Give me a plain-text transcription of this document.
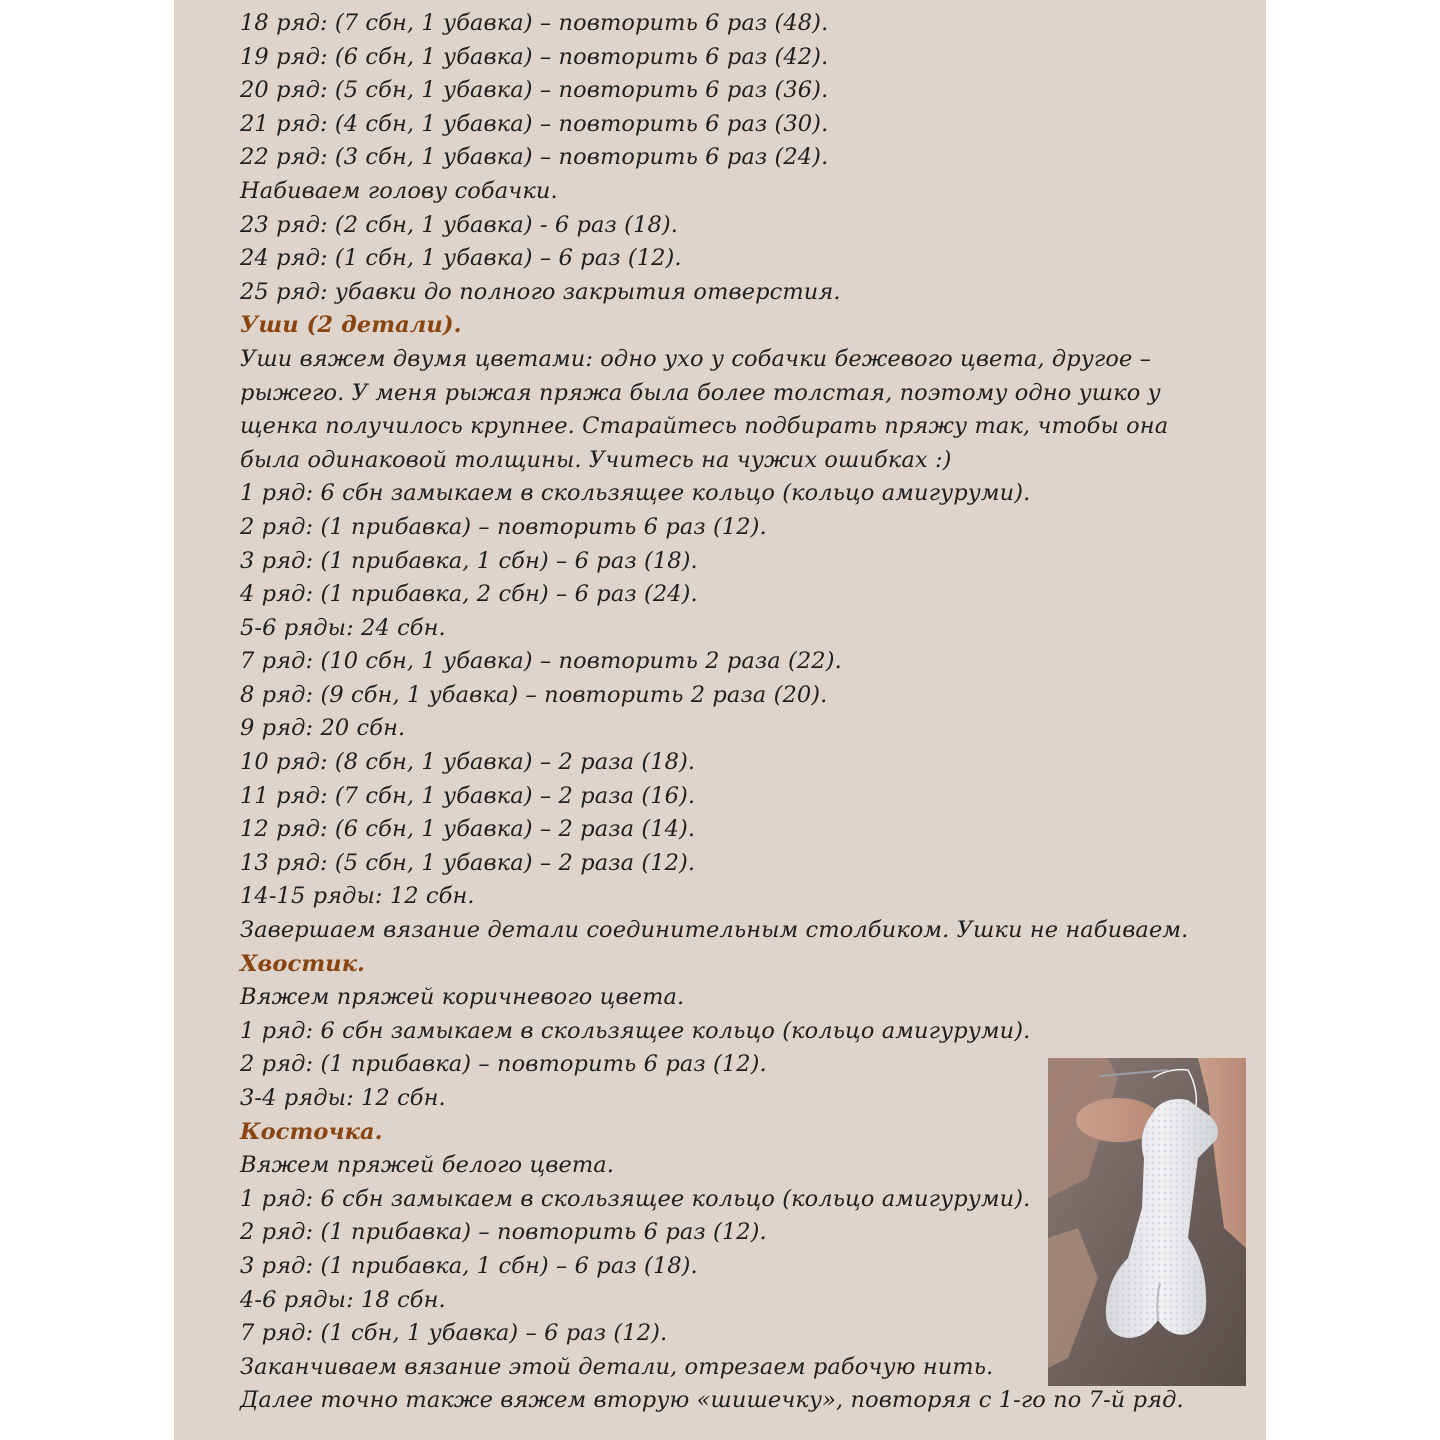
18 ряд: (7 сбн, 1 убавка) – повторить 6 раз (48).
19 ряд: (6 сбн, 1 убавка) – повторить 6 раз (42).
20 ряд: (5 сбн, 1 убавка) – повторить 6 раз (36).
21 ряд: (4 сбн, 1 убавка) – повторить 6 раз (30).
22 ряд: (3 сбн, 1 убавка) – повторить 6 раз (24).
Набиваем голову собачки.
23 ряд: (2 сбн, 1 убавка) - 6 раз (18).
24 ряд: (1 сбн, 1 убавка) – 6 раз (12).
25 ряд: убавки до полного закрытия отверстия.
Уши (2 детали).
Уши вяжем двумя цветами: одно ухо у собачки бежевого цвета, другое –
рыжего. У меня рыжая пряжа была более толстая, поэтому одно ушко у
щенка получилось крупнее. Старайтесь подбирать пряжу так, чтобы она
была одинаковой толщины. Учитесь на чужих ошибках :)
1 ряд: 6 сбн замыкаем в скользящее кольцо (кольцо амигуруми).
2 ряд: (1 прибавка) – повторить 6 раз (12).
3 ряд: (1 прибавка, 1 сбн) – 6 раз (18).
4 ряд: (1 прибавка, 2 сбн) – 6 раз (24).
5-6 ряды: 24 сбн.
7 ряд: (10 сбн, 1 убавка) – повторить 2 раза (22).
8 ряд: (9 сбн, 1 убавка) – повторить 2 раза (20).
9 ряд: 20 сбн.
10 ряд: (8 сбн, 1 убавка) – 2 раза (18).
11 ряд: (7 сбн, 1 убавка) – 2 раза (16).
12 ряд: (6 сбн, 1 убавка) – 2 раза (14).
13 ряд: (5 сбн, 1 убавка) – 2 раза (12).
14-15 ряды: 12 сбн.
Завершаем вязание детали соединительным столбиком. Ушки не набиваем.
Хвостик.
Вяжем пряжей коричневого цвета.
1 ряд: 6 сбн замыкаем в скользящее кольцо (кольцо амигуруми).
2 ряд: (1 прибавка) – повторить 6 раз (12).
3-4 ряды: 12 сбн.
Косточка.
Вяжем пряжей белого цвета.
1 ряд: 6 сбн замыкаем в скользящее кольцо (кольцо амигуруми).
2 ряд: (1 прибавка) – повторить 6 раз (12).
3 ряд: (1 прибавка, 1 сбн) – 6 раз (18).
4-6 ряды: 18 сбн.
7 ряд: (1 сбн, 1 убавка) – 6 раз (12).
Заканчиваем вязание этой детали, отрезаем рабочую нить.
Далее точно также вяжем вторую «шишечку», повторяя с 1-го по 7-й ряд.
